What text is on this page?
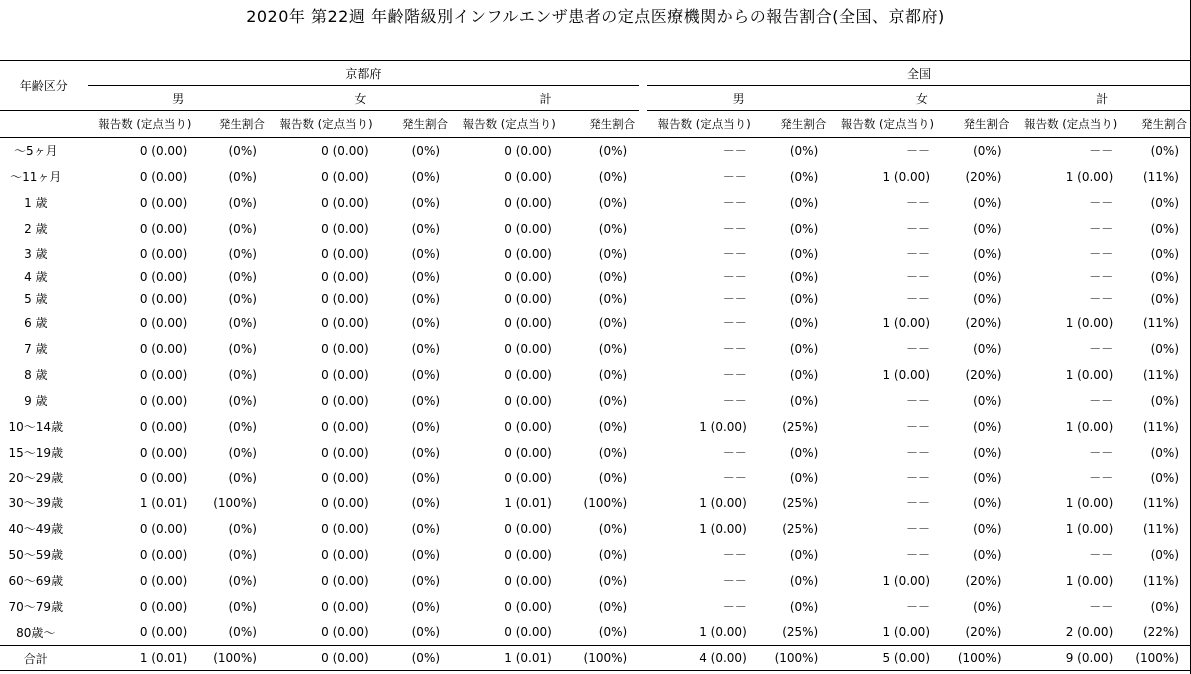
2020年 第22週 年齢階級別インフルエンザ患者の定点医療機関からの報告割合(全国、京都府)
年齢区分	京都府							全国					
	男		女		計			男		女		計	
	報告数 (定点当り)	発生割合	報告数 (定点当り)	発生割合	報告数 (定点当り)	発生割合		報告数 (定点当り)	発生割合	報告数 (定点当り)	発生割合	報告数 (定点当り)	発生割合
～5ヶ月	0 (0.00)	(0%)	0 (0.00)	(0%)	0 (0.00)	(0%)		－－	(0%)	－－	(0%)	－－	(0%)
～11ヶ月	0 (0.00)	(0%)	0 (0.00)	(0%)	0 (0.00)	(0%)		－－	(0%)	1 (0.00)	(20%)	1 (0.00)	(11%)
1 歳	0 (0.00)	(0%)	0 (0.00)	(0%)	0 (0.00)	(0%)		－－	(0%)	－－	(0%)	－－	(0%)
2 歳	0 (0.00)	(0%)	0 (0.00)	(0%)	0 (0.00)	(0%)		－－	(0%)	－－	(0%)	－－	(0%)
3 歳	0 (0.00)	(0%)	0 (0.00)	(0%)	0 (0.00)	(0%)		－－	(0%)	－－	(0%)	－－	(0%)
4 歳	0 (0.00)	(0%)	0 (0.00)	(0%)	0 (0.00)	(0%)		－－	(0%)	－－	(0%)	－－	(0%)
5 歳	0 (0.00)	(0%)	0 (0.00)	(0%)	0 (0.00)	(0%)		－－	(0%)	－－	(0%)	－－	(0%)
6 歳	0 (0.00)	(0%)	0 (0.00)	(0%)	0 (0.00)	(0%)		－－	(0%)	1 (0.00)	(20%)	1 (0.00)	(11%)
7 歳	0 (0.00)	(0%)	0 (0.00)	(0%)	0 (0.00)	(0%)		－－	(0%)	－－	(0%)	－－	(0%)
8 歳	0 (0.00)	(0%)	0 (0.00)	(0%)	0 (0.00)	(0%)		－－	(0%)	1 (0.00)	(20%)	1 (0.00)	(11%)
9 歳	0 (0.00)	(0%)	0 (0.00)	(0%)	0 (0.00)	(0%)		－－	(0%)	－－	(0%)	－－	(0%)
10～14歳	0 (0.00)	(0%)	0 (0.00)	(0%)	0 (0.00)	(0%)		1 (0.00)	(25%)	－－	(0%)	1 (0.00)	(11%)
15～19歳	0 (0.00)	(0%)	0 (0.00)	(0%)	0 (0.00)	(0%)		－－	(0%)	－－	(0%)	－－	(0%)
20～29歳	0 (0.00)	(0%)	0 (0.00)	(0%)	0 (0.00)	(0%)		－－	(0%)	－－	(0%)	－－	(0%)
30～39歳	1 (0.01)	(100%)	0 (0.00)	(0%)	1 (0.01)	(100%)		1 (0.00)	(25%)	－－	(0%)	1 (0.00)	(11%)
40～49歳	0 (0.00)	(0%)	0 (0.00)	(0%)	0 (0.00)	(0%)		1 (0.00)	(25%)	－－	(0%)	1 (0.00)	(11%)
50～59歳	0 (0.00)	(0%)	0 (0.00)	(0%)	0 (0.00)	(0%)		－－	(0%)	－－	(0%)	－－	(0%)
60～69歳	0 (0.00)	(0%)	0 (0.00)	(0%)	0 (0.00)	(0%)		－－	(0%)	1 (0.00)	(20%)	1 (0.00)	(11%)
70～79歳	0 (0.00)	(0%)	0 (0.00)	(0%)	0 (0.00)	(0%)		－－	(0%)	－－	(0%)	－－	(0%)
80歳～	0 (0.00)	(0%)	0 (0.00)	(0%)	0 (0.00)	(0%)		1 (0.00)	(25%)	1 (0.00)	(20%)	2 (0.00)	(22%)
合計	1 (0.01)	(100%)	0 (0.00)	(0%)	1 (0.01)	(100%)		4 (0.00)	(100%)	5 (0.00)	(100%)	9 (0.00)	(100%)
